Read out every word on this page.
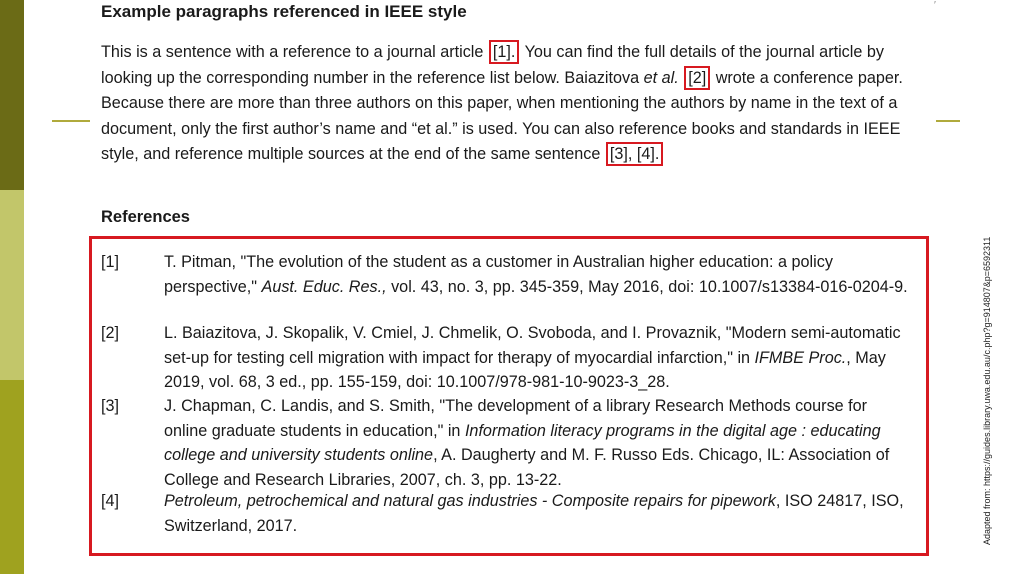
′
Example paragraphs referenced in IEEE style
This is a sentence with a reference to a journal article [1]. You can find the full details of the journal article by looking up the corresponding number in the reference list below. Baiazitova et al. [2] wrote a conference paper. Because there are more than three authors on this paper, when mentioning the authors by name in the text of a document, only the first author’s name and “et al.” is used. You can also reference books and standards in IEEE style, and reference multiple sources at the end of the same sentence [3], [4].
References
[1]	T. Pitman, "The evolution of the student as a customer in Australian higher education: a policy perspective," Aust. Educ. Res., vol. 43, no. 3, pp. 345-359, May 2016, doi: 10.1007/s13384-016-0204-9.
[2]	L. Baiazitova, J. Skopalik, V. Cmiel, J. Chmelik, O. Svoboda, and I. Provaznik, "Modern semi-automatic set-up for testing cell migration with impact for therapy of myocardial infarction," in IFMBE Proc., May 2019, vol. 68, 3 ed., pp. 155-159, doi: 10.1007/978-981-10-9023-3_28.
[3]	J. Chapman, C. Landis, and S. Smith, "The development of a library Research Methods course for online graduate students in education," in Information literacy programs in the digital age : educating college and university students online, A. Daugherty and M. F. Russo Eds. Chicago, IL: Association of College and Research Libraries, 2007, ch. 3, pp. 13-22.
[4]	Petroleum, petrochemical and natural gas industries - Composite repairs for pipework, ISO 24817, ISO, Switzerland, 2017.	Adapted from: https://guides.library.uwa.edu.au/c.php?g=914807&p=6592311
